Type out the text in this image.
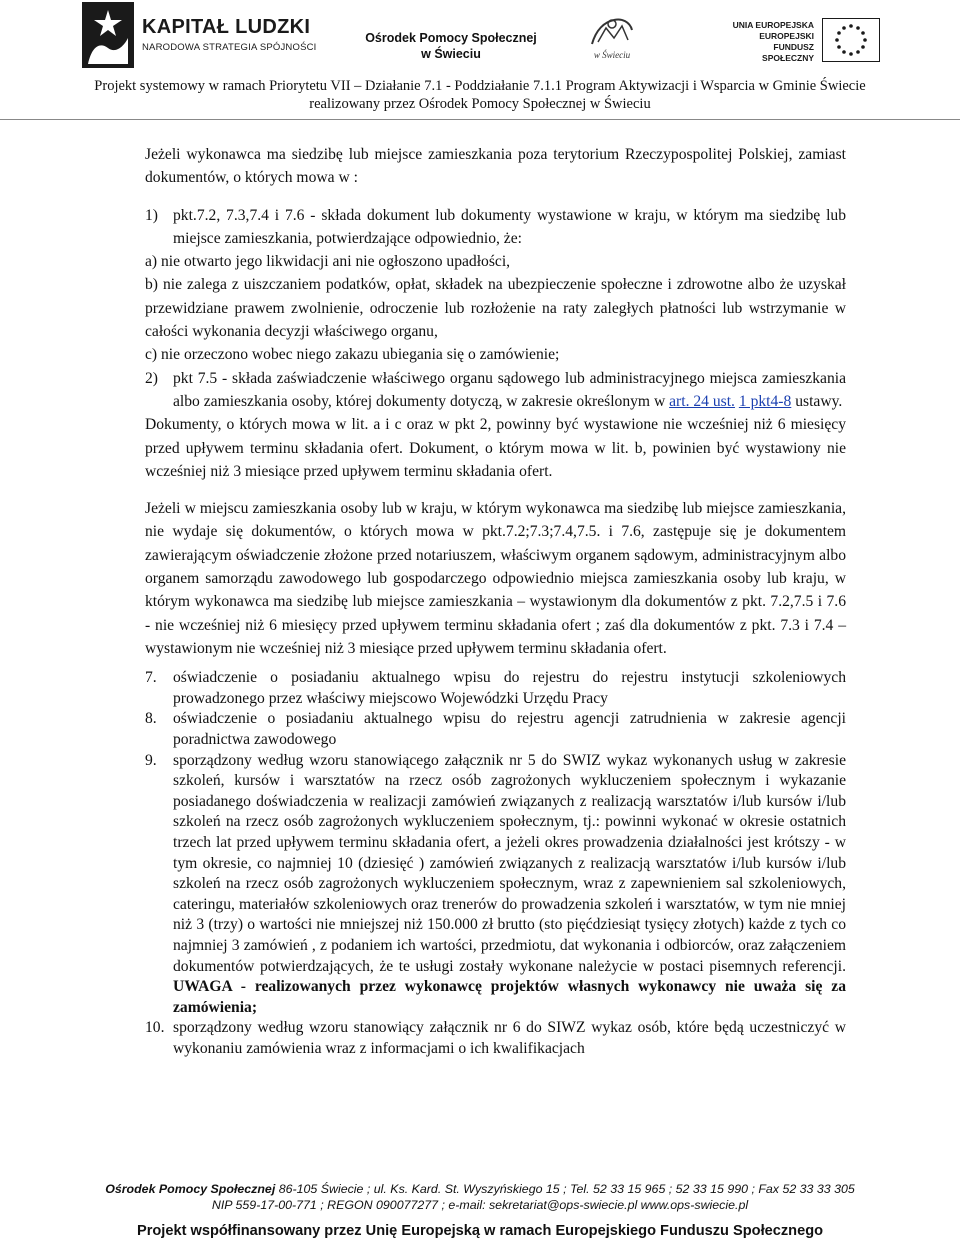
KAPITAŁ LUDZKI
NARODOWA STRATEGIA SPÓJNOŚCI
Ośrodek Pomocy Społecznej
w Świeciu	w Świeciu
UNIA EUROPEJSKA
EUROPEJSKI
FUNDUSZ SPOŁECZNY
Projekt systemowy w ramach Priorytetu VII – Działanie 7.1 - Poddziałanie 7.1.1 Program Aktywizacji i Wsparcia w Gminie Świecie
realizowany przez Ośrodek Pomocy Społecznej w Świeciu

Jeżeli wykonawca ma siedzibę lub miejsce zamieszkania poza terytorium Rzeczypospolitej Polskiej, zamiast dokumentów, o których mowa w :

1) pkt.7.2, 7.3,7.4 i 7.6 - składa dokument lub dokumenty wystawione w kraju, w którym ma siedzibę lub miejsce zamieszkania, potwierdzające odpowiednio, że:

a) nie otwarto jego likwidacji ani nie ogłoszono upadłości,

b) nie zalega z uiszczaniem podatków, opłat, składek na ubezpieczenie społeczne i zdrowotne albo że uzyskał przewidziane prawem zwolnienie, odroczenie lub rozłożenie na raty zaległych płatności lub wstrzymanie w całości wykonania decyzji właściwego organu,

c) nie orzeczono wobec niego zakazu ubiegania się o zamówienie;

2) pkt 7.5 - składa zaświadczenie właściwego organu sądowego lub administracyjnego miejsca zamieszkania albo zamieszkania osoby, której dokumenty dotyczą, w zakresie określonym w art. 24 ust. 1 pkt4-8 ustawy.

Dokumenty, o których mowa w lit. a i c oraz w pkt 2, powinny być wystawione nie wcześniej niż 6 miesięcy przed upływem terminu składania ofert. Dokument, o którym mowa w lit. b, powinien być wystawiony nie wcześniej niż 3 miesiące przed upływem terminu składania ofert.

Jeżeli w miejscu zamieszkania osoby lub w kraju, w którym wykonawca ma siedzibę lub miejsce zamieszkania, nie wydaje się dokumentów, o których mowa w pkt.7.2;7.3;7.4,7.5. i 7.6, zastępuje się je dokumentem zawierającym oświadczenie złożone przed notariuszem, właściwym organem sądowym, administracyjnym albo organem samorządu zawodowego lub gospodarczego odpowiednio miejsca zamieszkania osoby lub kraju, w którym wykonawca ma siedzibę lub miejsce zamieszkania – wystawionym dla dokumentów z pkt. 7.2,7.5 i 7.6 - nie wcześniej niż 6 miesięcy przed upływem terminu składania ofert ; zaś dla dokumentów z pkt. 7.3 i 7.4 – wystawionym nie wcześniej niż 3 miesiące przed upływem terminu składania ofert.

7.	oświadczenie o posiadaniu aktualnego wpisu do rejestru do rejestru instytucji szkoleniowych prowadzonego przez właściwy miejscowo Wojewódzki Urzędu Pracy
8.	oświadczenie o posiadaniu aktualnego wpisu do rejestru agencji zatrudnienia w zakresie agencji poradnictwa zawodowego
9.	sporządzony według wzoru stanowiącego załącznik nr 5 do SWIZ wykaz wykonanych usług w zakresie szkoleń, kursów i warsztatów na rzecz osób zagrożonych wykluczeniem społecznym i wykazanie posiadanego doświadczenia w realizacji zamówień związanych z realizacją warsztatów i/lub kursów i/lub szkoleń na rzecz osób zagrożonych wykluczeniem społecznym, tj.: powinni wykonać w okresie ostatnich trzech lat przed upływem terminu składania ofert, a jeżeli okres prowadzenia działalności jest krótszy - w tym okresie, co najmniej 10 (dziesięć ) zamówień związanych z realizacją warsztatów i/lub kursów i/lub szkoleń na rzecz osób zagrożonych wykluczeniem społecznym, wraz z zapewnieniem sal szkoleniowych, cateringu, materiałów szkoleniowych oraz trenerów do prowadzenia szkoleń i warsztatów, w tym nie mniej niż 3 (trzy) o wartości nie mniejszej niż 150.000 zł brutto (sto pięćdziesiąt tysięcy złotych) każde z tych co najmniej 3 zamówień , z podaniem ich wartości, przedmiotu, dat wykonania i odbiorców, oraz załączeniem dokumentów potwierdzających, że te usługi zostały wykonane należycie w postaci pisemnych referencji. UWAGA - realizowanych przez wykonawcę projektów własnych wykonawcy nie uważa się za zamówienia;
10. sporządzony według wzoru stanowiący załącznik nr 6 do SIWZ wykaz osób, które będą uczestniczyć w wykonaniu zamówienia wraz z informacjami o ich kwalifikacjach
Ośrodek Pomocy Społecznej 86-105 Świecie ; ul. Ks. Kard. St. Wyszyńskiego 15 ; Tel. 52 33 15 965 ; 52 33 15 990 ; Fax 52 33 33 305
NIP 559-17-00-771 ; REGON 090077277 ; e-mail: sekretariat@ops-swiecie.pl www.ops-swiecie.pl
Projekt współfinansowany przez Unię Europejską w ramach Europejskiego Funduszu Społecznego
